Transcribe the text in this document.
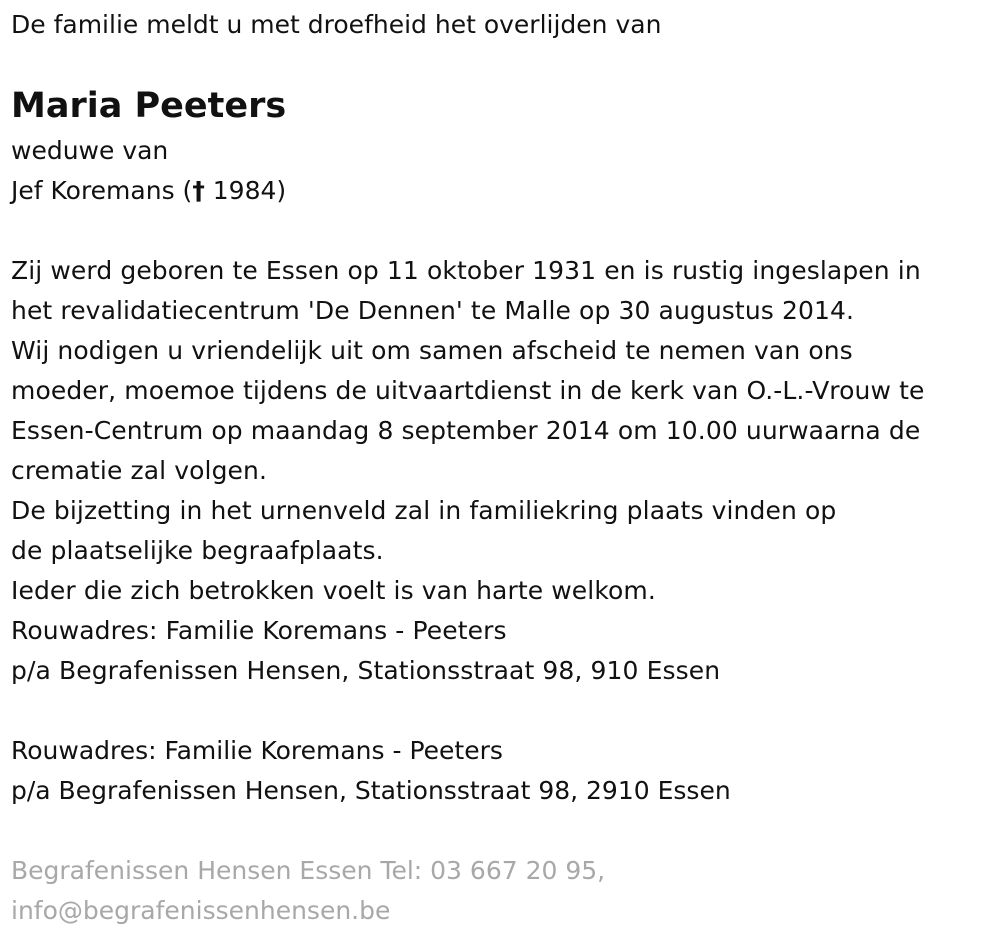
De familie meldt u met droefheid het overlijden van
Maria Peeters
weduwe van
Jef Koremans († 1984)
Zij werd geboren te Essen op 11 oktober 1931 en is rustig ingeslapen in
het revalidatiecentrum 'De Dennen' te Malle op 30 augustus 2014.
Wij nodigen u vriendelijk uit om samen afscheid te nemen van ons
moeder, moemoe tijdens de uitvaartdienst in de kerk van O.-L.-Vrouw te
Essen-Centrum op maandag 8 september 2014 om 10.00 uurwaarna de
crematie zal volgen.
De bijzetting in het urnenveld zal in familiekring plaats vinden op
de plaatselijke begraafplaats.
Ieder die zich betrokken voelt is van harte welkom.
Rouwadres: Familie Koremans - Peeters
p/a Begrafenissen Hensen, Stationsstraat 98, 910 Essen
Rouwadres: Familie Koremans - Peeters
p/a Begrafenissen Hensen, Stationsstraat 98, 2910 Essen
Begrafenissen Hensen Essen Tel: 03 667 20 95,
info@begrafenissenhensen.be
